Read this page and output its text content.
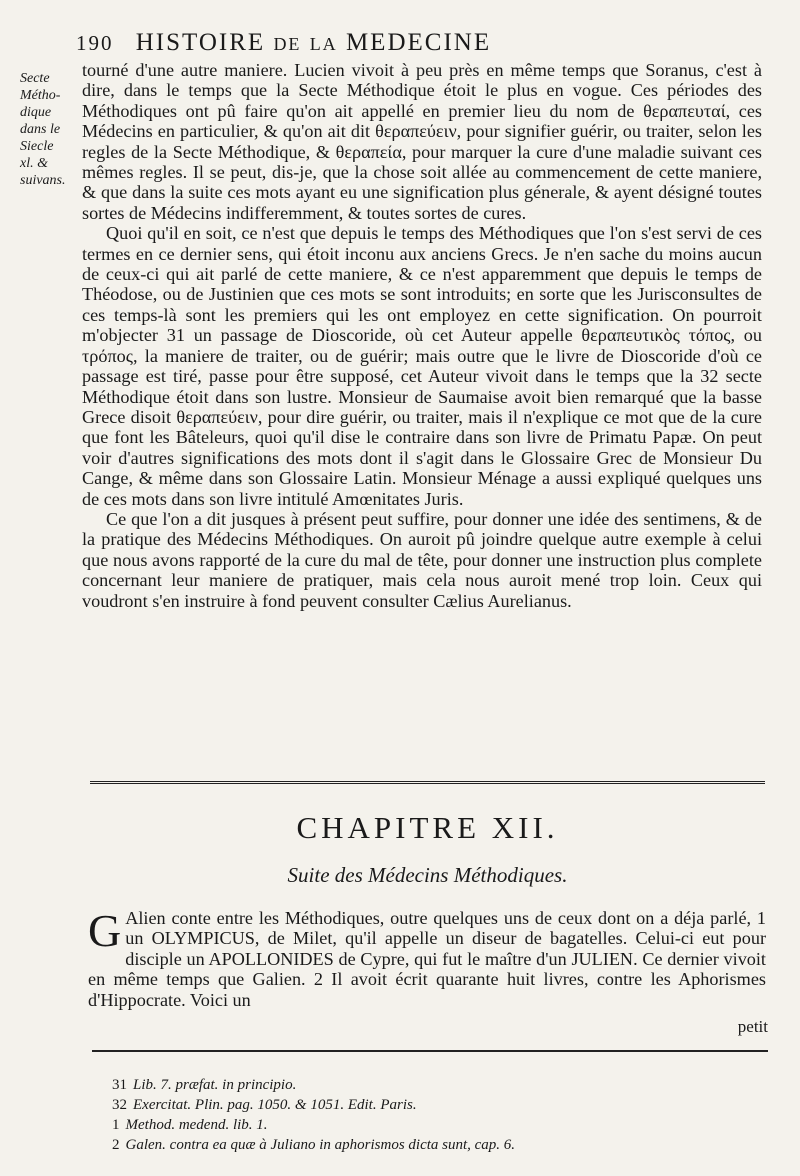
190 HISTOIRE DE LA MEDECINE
Secte
Métho-
dique
dans le
Siecle
xl. &
suivans.

tourné d'une autre maniere. Lucien vivoit à peu près en même temps que Soranus, c'est à dire, dans le temps que la Secte Méthodique étoit le plus en vogue. Ces périodes des Méthodiques ont pû faire qu'on ait appellé en premier lieu du nom de θεραπευταί, ces Médecins en particulier, & qu'on ait dit θεραπεύειν, pour signifier guérir, ou traiter, selon les regles de la Secte Méthodique, & θεραπεία, pour marquer la cure d'une maladie suivant ces mêmes regles. Il se peut, dis-je, que la chose soit allée au commencement de cette maniere, & que dans la suite ces mots ayant eu une signification plus génerale, & ayent désigné toutes sortes de Médecins indifferemment, & toutes sortes de cures.

Quoi qu'il en soit, ce n'est que depuis le temps des Méthodiques que l'on s'est servi de ces termes en ce dernier sens, qui étoit inconu aux anciens Grecs. Je n'en sache du moins aucun de ceux-ci qui ait parlé de cette maniere, & ce n'est apparemment que depuis le temps de Théodose, ou de Justinien que ces mots se sont introduits; en sorte que les Jurisconsultes de ces temps-là sont les premiers qui les ont employez en cette signification. On pourroit m'objecter 31 un passage de Dioscoride, où cet Auteur appelle θεραπευτικὸς τόπος, ou τρόπος, la maniere de traiter, ou de guérir; mais outre que le livre de Dioscoride d'où ce passage est tiré, passe pour être supposé, cet Auteur vivoit dans le temps que la 32 secte Méthodique étoit dans son lustre. Monsieur de Saumaise avoit bien remarqué que la basse Grece disoit θεραπεύειν, pour dire guérir, ou traiter, mais il n'explique ce mot que de la cure que font les Bâteleurs, quoi qu'il dise le contraire dans son livre de Primatu Papæ. On peut voir d'autres significations des mots dont il s'agit dans le Glossaire Grec de Monsieur Du Cange, & même dans son Glossaire Latin. Monsieur Ménage a aussi expliqué quelques uns de ces mots dans son livre intitulé Amœnitates Juris.

Ce que l'on a dit jusques à présent peut suffire, pour donner une idée des sentimens, & de la pratique des Médecins Méthodiques. On auroit pû joindre quelque autre exemple à celui que nous avons rapporté de la cure du mal de tête, pour donner une instruction plus complete concernant leur maniere de pratiquer, mais cela nous auroit mené trop loin. Ceux qui voudront s'en instruire à fond peuvent consulter Cælius Aurelianus.

CHAPITRE XII.
Suite des Médecins Méthodiques.
G Alien conte entre les Méthodiques, outre quelques uns de ceux dont on a déja parlé, 1 un OLYMPICUS, de Milet, qu'il appelle un diseur de bagatelles. Celui-ci eut pour disciple un APOLLONIDES de Cypre, qui fut le maître d'un JULIEN. Ce dernier vivoit en même temps que Galien. 2 Il avoit écrit quarante huit livres, contre les Aphorismes d'Hippocrate. Voici un
petit
31 Lib. 7. præfat. in principio.
32 Exercitat. Plin. pag. 1050. & 1051. Edit. Paris.
1 Method. medend. lib. 1.
2 Galen. contra ea quæ à Juliano in aphorismos dicta sunt, cap. 6.
